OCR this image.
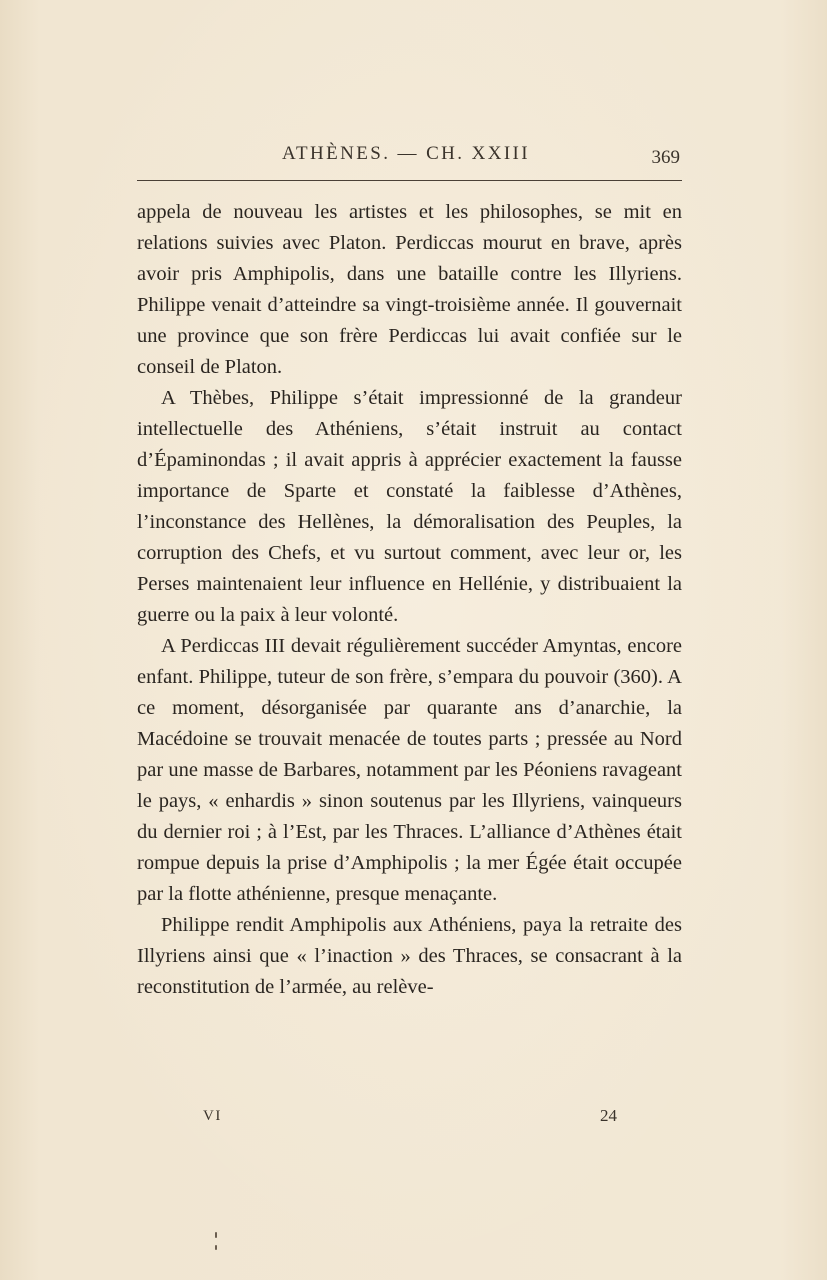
ATHÈNES. — CH. XXIII	369

appela de nouveau les artistes et les philosophes, se mit en relations suivies avec Platon. Perdiccas mourut en brave, après avoir pris Amphipolis, dans une bataille contre les Illyriens. Philippe venait d’atteindre sa vingt-troisième année. Il gouvernait une province que son frère Perdiccas lui avait confiée sur le conseil de Platon.

A Thèbes, Philippe s’était impressionné de la grandeur intellectuelle des Athéniens, s’était instruit au contact d’Épaminondas ; il avait appris à apprécier exactement la fausse importance de Sparte et constaté la faiblesse d’Athènes, l’inconstance des Hellènes, la démoralisation des Peuples, la corruption des Chefs, et vu surtout comment, avec leur or, les Perses maintenaient leur influence en Hellénie, y distribuaient la guerre ou la paix à leur volonté.

A Perdiccas III devait régulièrement succéder Amyntas, encore enfant. Philippe, tuteur de son frère, s’empara du pouvoir (360). A ce moment, désorganisée par quarante ans d’anarchie, la Macédoine se trouvait menacée de toutes parts ; pressée au Nord par une masse de Barbares, notamment par les Péoniens ravageant le pays, « enhardis » sinon soutenus par les Illyriens, vainqueurs du dernier roi ; à l’Est, par les Thraces. L’alliance d’Athènes était rompue depuis la prise d’Amphipolis ; la mer Égée était occupée par la flotte athénienne, presque menaçante.

Philippe rendit Amphipolis aux Athéniens, paya la retraite des Illyriens ainsi que « l’inaction » des Thraces, se consacrant à la reconstitution de l’armée, au relève-

VI	24
